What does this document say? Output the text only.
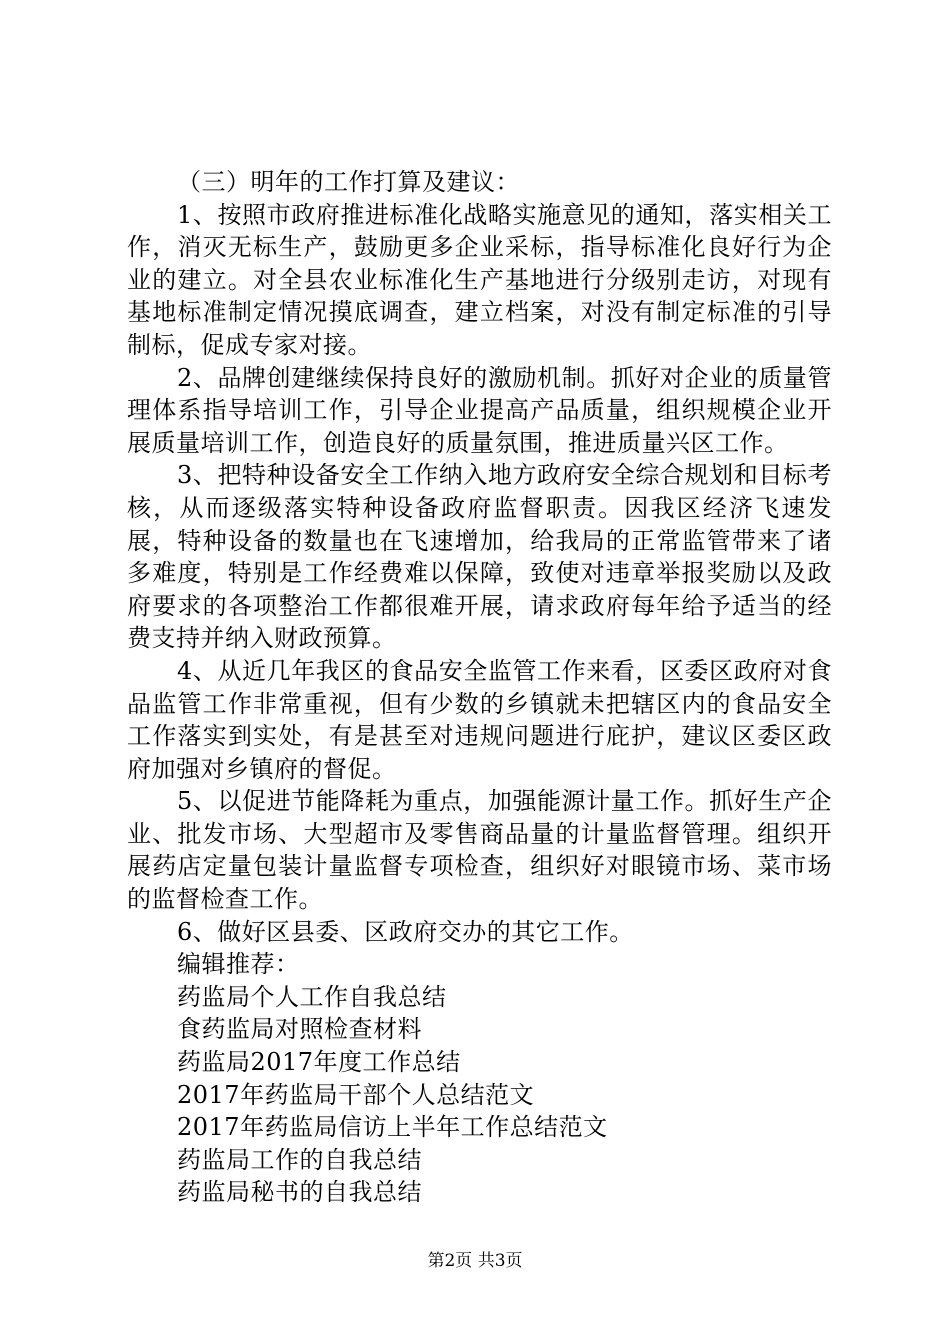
（三）明年的工作打算及建议：

1、按照市政府推进标准化战略实施意见的通知，落实相关工作，消灭无标生产，鼓励更多企业采标，指导标准化良好行为企业的建立。对全县农业标准化生产基地进行分级别走访，对现有基地标准制定情况摸底调查，建立档案，对没有制定标准的引导制标，促成专家对接。

2、品牌创建继续保持良好的激励机制。抓好对企业的质量管理体系指导培训工作，引导企业提高产品质量，组织规模企业开展质量培训工作，创造良好的质量氛围，推进质量兴区工作。

3、把特种设备安全工作纳入地方政府安全综合规划和目标考核，从而逐级落实特种设备政府监督职责。因我区经济飞速发展，特种设备的数量也在飞速增加，给我局的正常监管带来了诸多难度，特别是工作经费难以保障，致使对违章举报奖励以及政府要求的各项整治工作都很难开展，请求政府每年给予适当的经费支持并纳入财政预算。

4、从近几年我区的食品安全监管工作来看，区委区政府对食品监管工作非常重视，但有少数的乡镇就未把辖区内的食品安全工作落实到实处，有是甚至对违规问题进行庇护，建议区委区政府加强对乡镇府的督促。

5、以促进节能降耗为重点，加强能源计量工作。抓好生产企业、批发市场、大型超市及零售商品量的计量监督管理。组织开展药店定量包装计量监督专项检查，组织好对眼镜市场、菜市场的监督检查工作。

6、做好区县委、区政府交办的其它工作。

编辑推荐：

药监局个人工作自我总结
食药监局对照检查材料
药监局2017年度工作总结
2017年药监局干部个人总结范文
2017年药监局信访上半年工作总结范文
药监局工作的自我总结
药监局秘书的自我总结
第2页 共3页
